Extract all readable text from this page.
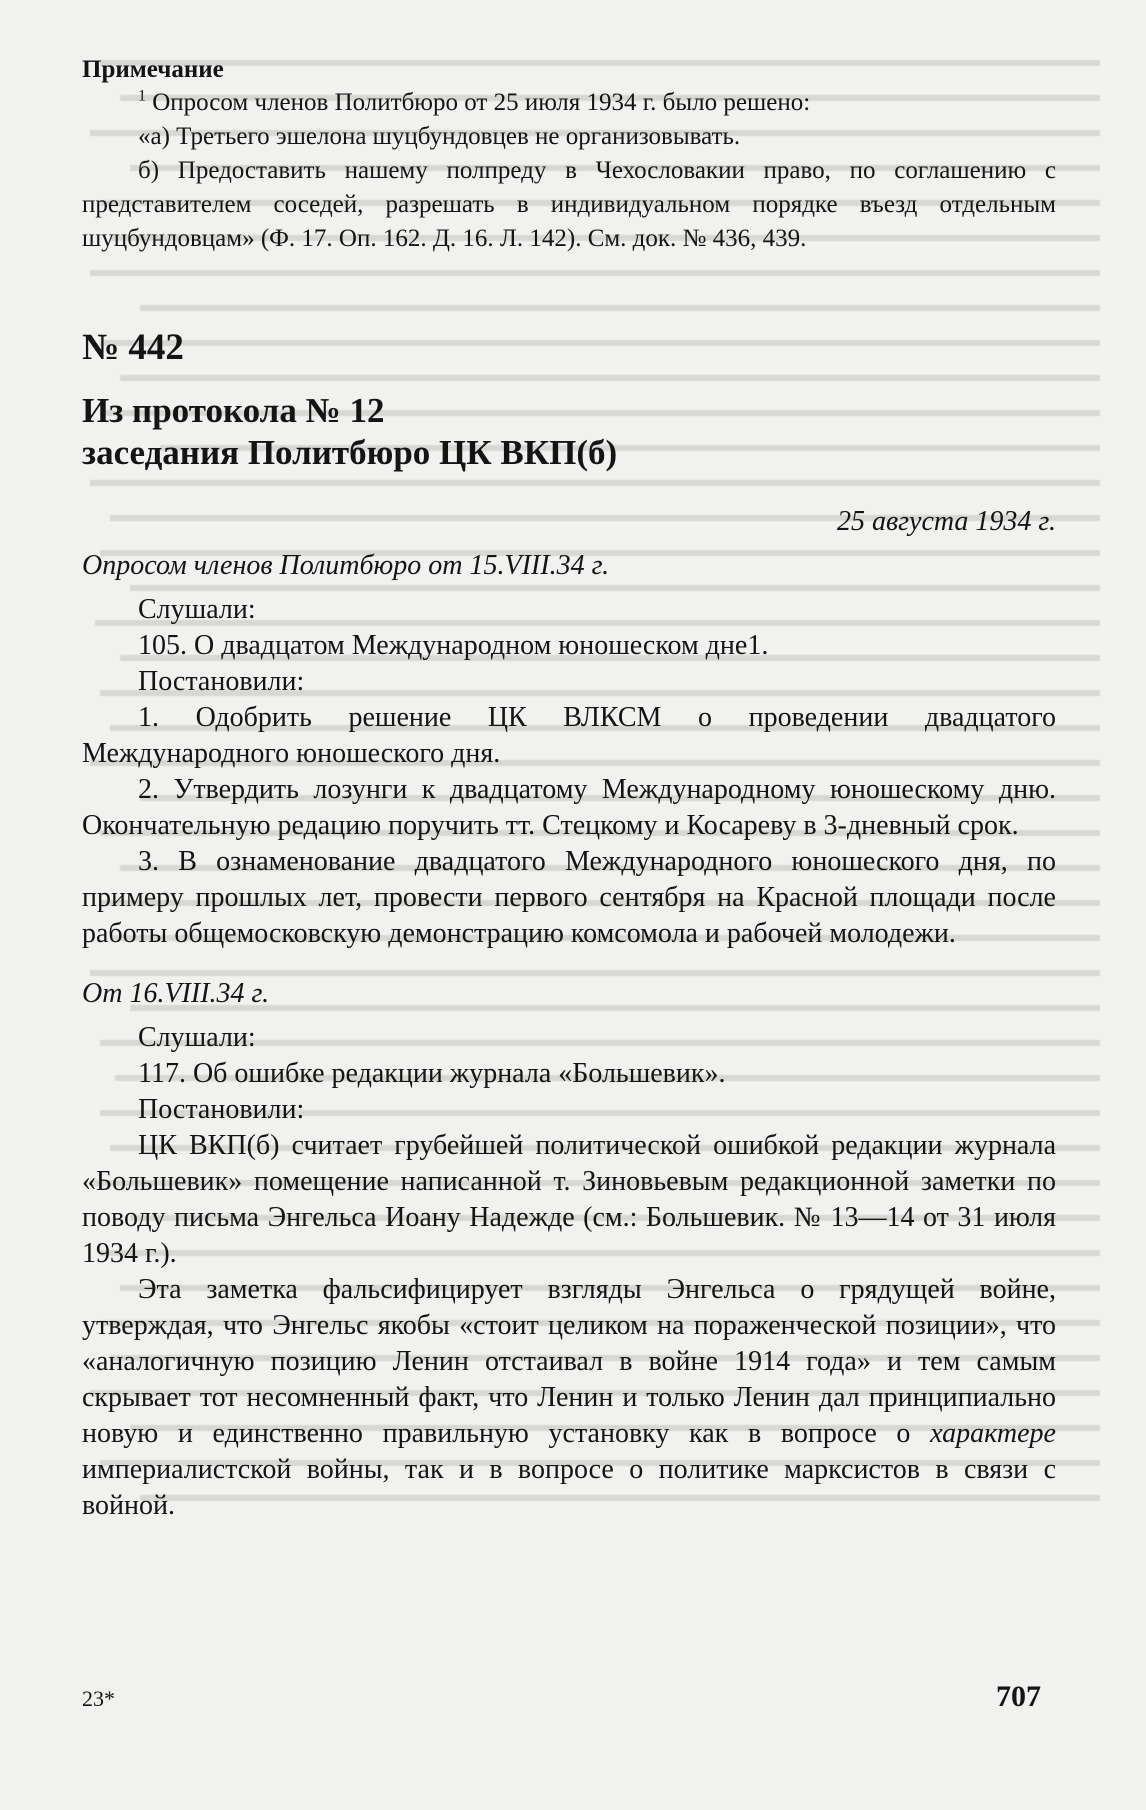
Примечание

$^1$ Опросом членов Политбюро от 25 июля 1934 г. было решено:

«а) Третьего эшелона шуцбундовцев не организовывать.

б) Предоставить нашему полпреду в Чехословакии право, по соглашению с представителем соседей, разрешать в индивидуальном порядке въезд отдельным шуцбундовцам» (Ф. 17. Оп. 162. Д. 16. Л. 142). См. док. № 436, 439.

№ 442

Из протокола № 12

заседания Политбюро ЦК ВКП(б)

25 августа 1934 г.

Опросом членов Политбюро от 15.VIII.34 г.

Слушали:

105. О двадцатом Международном юношеском дне1.

Постановили:

1. Одобрить решение ЦК ВЛКСМ о проведении двадцатого Международного юношеского дня.

2. Утвердить лозунги к двадцатому Международному юношескому дню. Окончательную редацию поручить тт. Стецкому и Косареву в 3-дневный срок.

3. В ознаменование двадцатого Международного юношеского дня, по примеру прошлых лет, провести первого сентября на Красной площади после работы общемосковскую демонстрацию комсомола и рабочей молодежи.

От 16.VIII.34 г.

Слушали:

117. Об ошибке редакции журнала «Большевик».

Постановили:

ЦК ВКП(б) считает грубейшей политической ошибкой редакции журнала «Большевик» помещение написанной т. Зиновьевым редакционной заметки по поводу письма Энгельса Иоану Надежде (см.: Большевик. № 13—14 от 31 июля 1934 г.).

Эта заметка фальсифицирует взгляды Энгельса о грядущей войне, утверждая, что Энгельс якобы «стоит целиком на пораженческой позиции», что «аналогичную позицию Ленин отстаивал в войне 1914 года» и тем самым скрывает тот несомненный факт, что Ленин и только Ленин дал принципиально новую и единственно правильную установку как в вопросе о характере империалистской войны, так и в вопросе о политике марксистов в связи с войной.

23*	707
